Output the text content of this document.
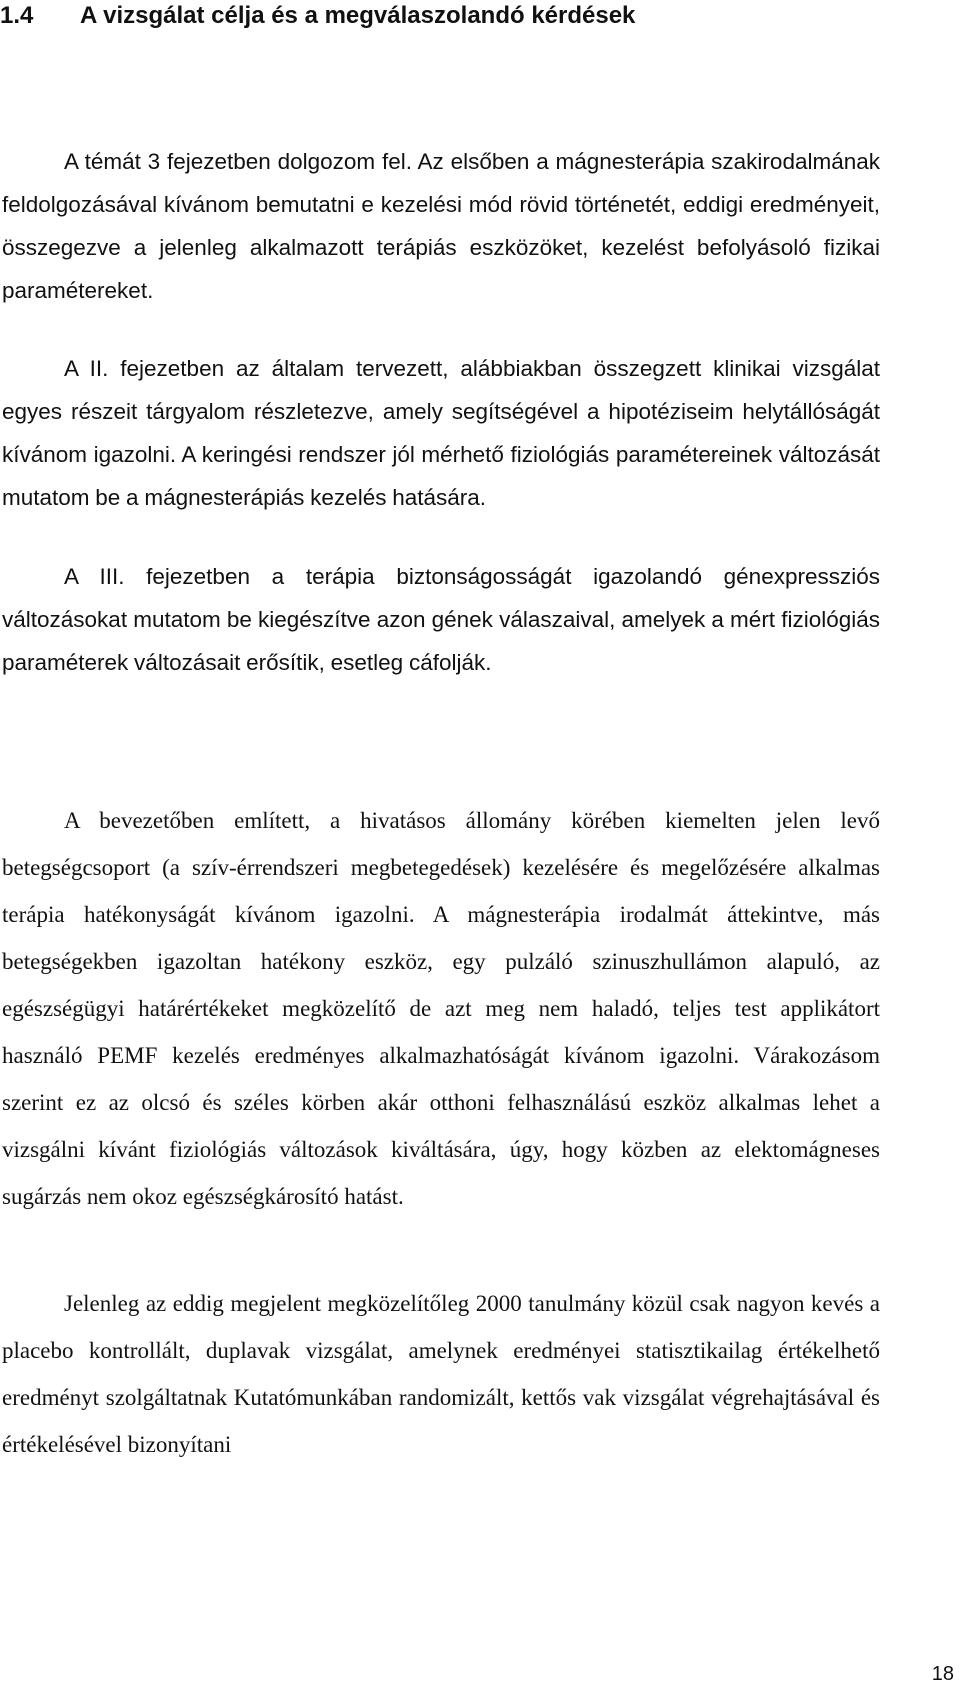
1.4 A vizsgálat célja és a megválaszolandó kérdések

A témát 3 fejezetben dolgozom fel. Az elsőben a mágnesterápia szakirodalmának feldolgozásával kívánom bemutatni e kezelési mód rövid történetét, eddigi eredményeit, összegezve a jelenleg alkalmazott terápiás eszközöket, kezelést befolyásoló fizikai paramétereket.

A II. fejezetben az általam tervezett, alábbiakban összegzett klinikai vizsgálat egyes részeit tárgyalom részletezve, amely segítségével a hipotéziseim helytállóságát kívánom igazolni. A keringési rendszer jól mérhető fiziológiás paramétereinek változását mutatom be a mágnesterápiás kezelés hatására.

A III. fejezetben a terápia biztonságosságát igazolandó génexpressziós változásokat mutatom be kiegészítve azon gének válaszaival, amelyek a mért fiziológiás paraméterek változásait erősítik, esetleg cáfolják.

A bevezetőben említett, a hivatásos állomány körében kiemelten jelen levő betegségcsoport (a szív-érrendszeri megbetegedések) kezelésére és megelőzésére alkalmas terápia hatékonyságát kívánom igazolni. A mágnesterápia irodalmát áttekintve, más betegségekben igazoltan hatékony eszköz, egy pulzáló szinuszhullámon alapuló, az egészségügyi határértékeket megközelítő de azt meg nem haladó, teljes test applikátort használó PEMF kezelés eredményes alkalmazhatóságát kívánom igazolni. Várakozásom szerint ez az olcsó és széles körben akár otthoni felhasználású eszköz alkalmas lehet a vizsgálni kívánt fiziológiás változások kiváltására, úgy, hogy közben az elektomágneses sugárzás nem okoz egészségkárosító hatást.

Jelenleg az eddig megjelent megközelítőleg 2000 tanulmány közül csak nagyon kevés a placebo kontrollált, duplavak vizsgálat, amelynek eredményei statisztikailag értékelhető eredményt szolgáltatnak Kutatómunkában randomizált, kettős vak vizsgálat végrehajtásával és értékelésével bizonyítani

18
